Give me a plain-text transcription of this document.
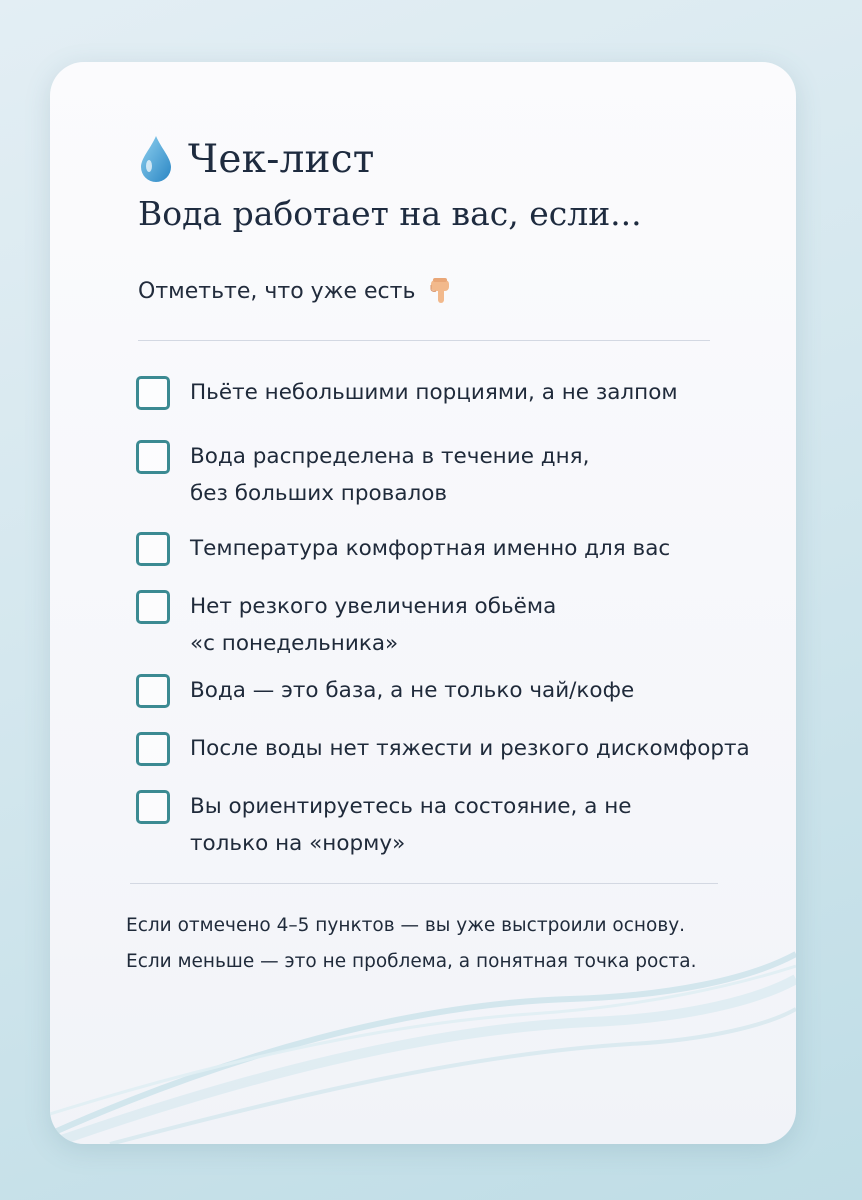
Чек-лист
Вода работает на вас, если...
Отметьте, что уже есть
Пьёте небольшими порциями, а не залпом
Вода распределена в течение дня,
без больших провалов
Температура комфортная именно для вас
Нет резкого увеличения обьёма
«с понедельника»
Вода — это база, а не только чай/кофе
После воды нет тяжести и резкого дискомфорта
Вы ориентируетесь на состояние, а не
только на «норму»
Если отмечено 4–5 пунктов — вы уже выстроили основу.
Если меньше — это не проблема, а понятная точка роста.
